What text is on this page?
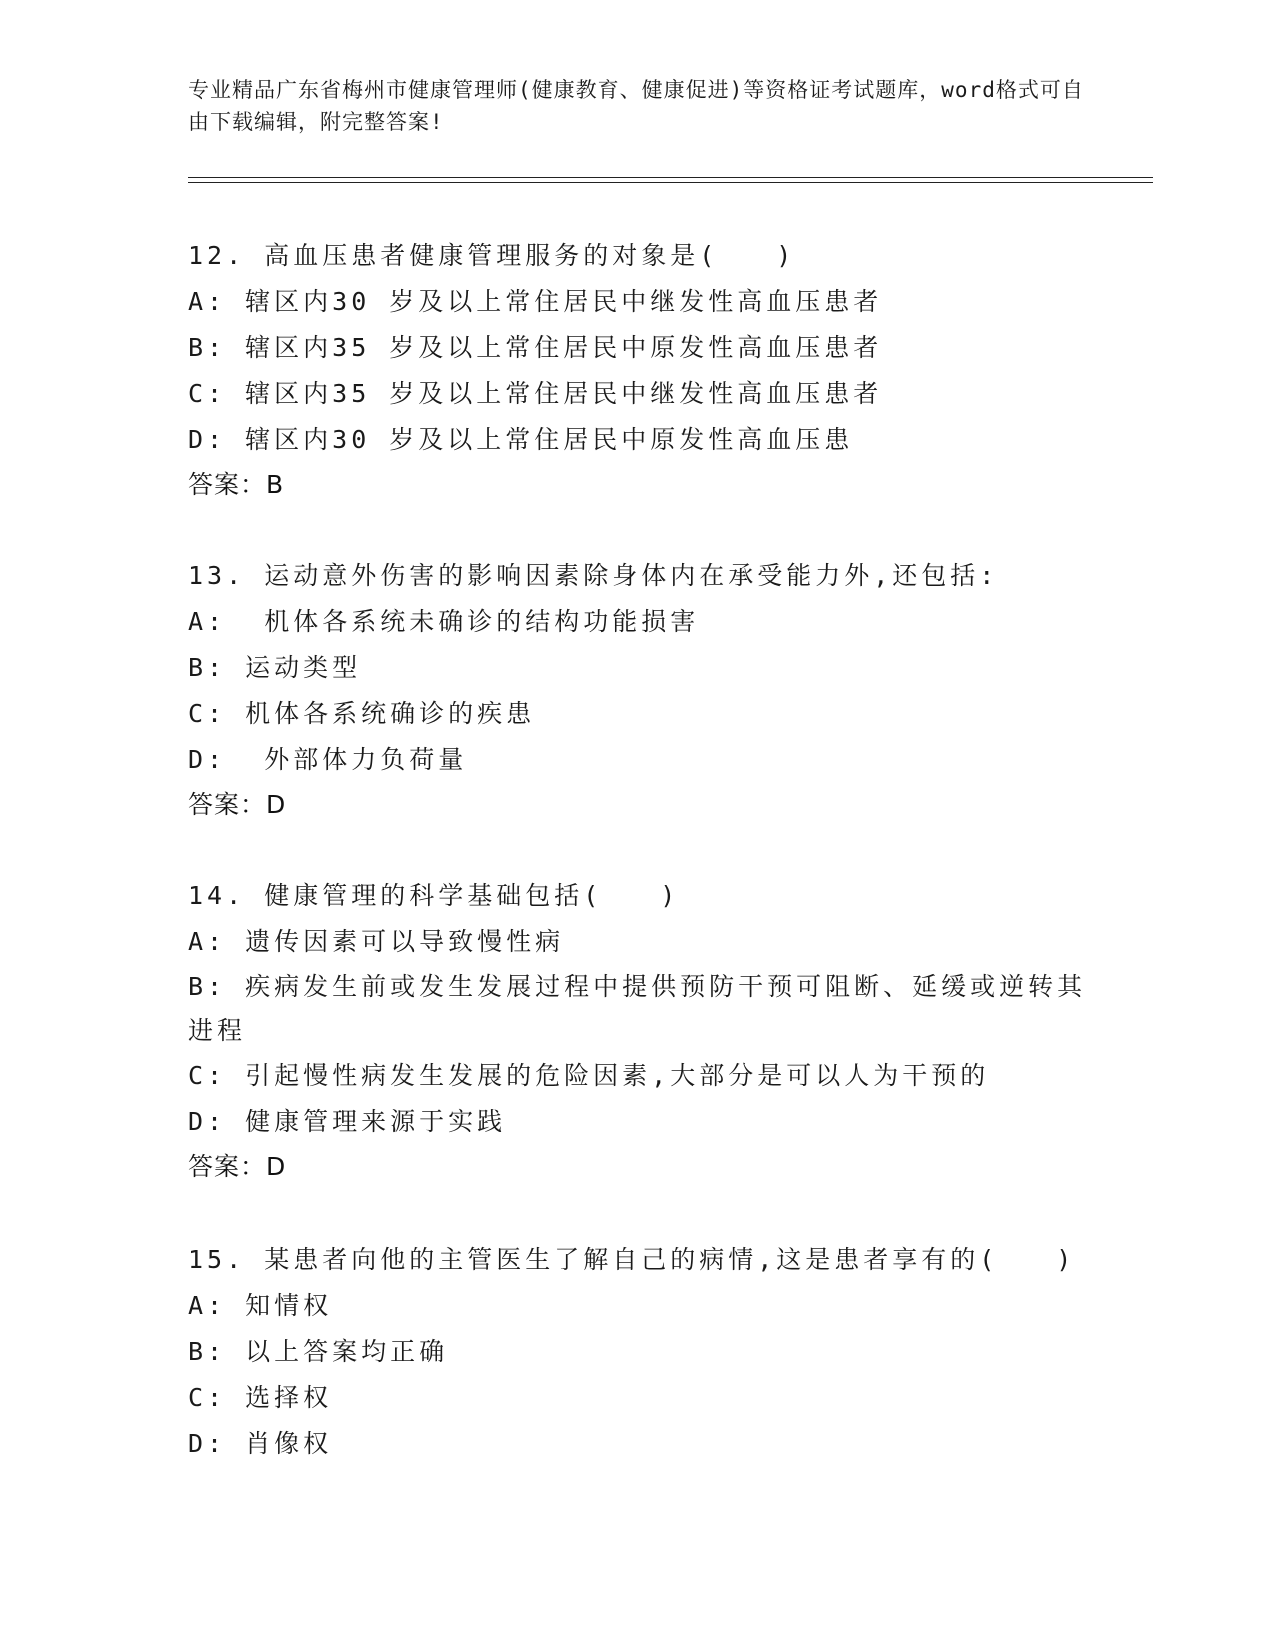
专业精品广东省梅州市健康管理师(健康教育、健康促进)等资格证考试题库，word格式可自由下载编辑，附完整答案!
12. 高血压患者健康管理服务的对象是(　　)
A: 辖区内30 岁及以上常住居民中继发性高血压患者
B: 辖区内35 岁及以上常住居民中原发性高血压患者
C: 辖区内35 岁及以上常住居民中继发性高血压患者
D: 辖区内30 岁及以上常住居民中原发性高血压患
答案：B
13. 运动意外伤害的影响因素除身体内在承受能力外,还包括:
A:  机体各系统未确诊的结构功能损害
B: 运动类型
C: 机体各系统确诊的疾患
D:  外部体力负荷量
答案：D
14. 健康管理的科学基础包括(　　)
A: 遗传因素可以导致慢性病
B: 疾病发生前或发生发展过程中提供预防干预可阻断、延缓或逆转其进程
C: 引起慢性病发生发展的危险因素,大部分是可以人为干预的
D: 健康管理来源于实践
答案：D
15. 某患者向他的主管医生了解自己的病情,这是患者享有的(　　)
A: 知情权
B: 以上答案均正确
C: 选择权
D: 肖像权
